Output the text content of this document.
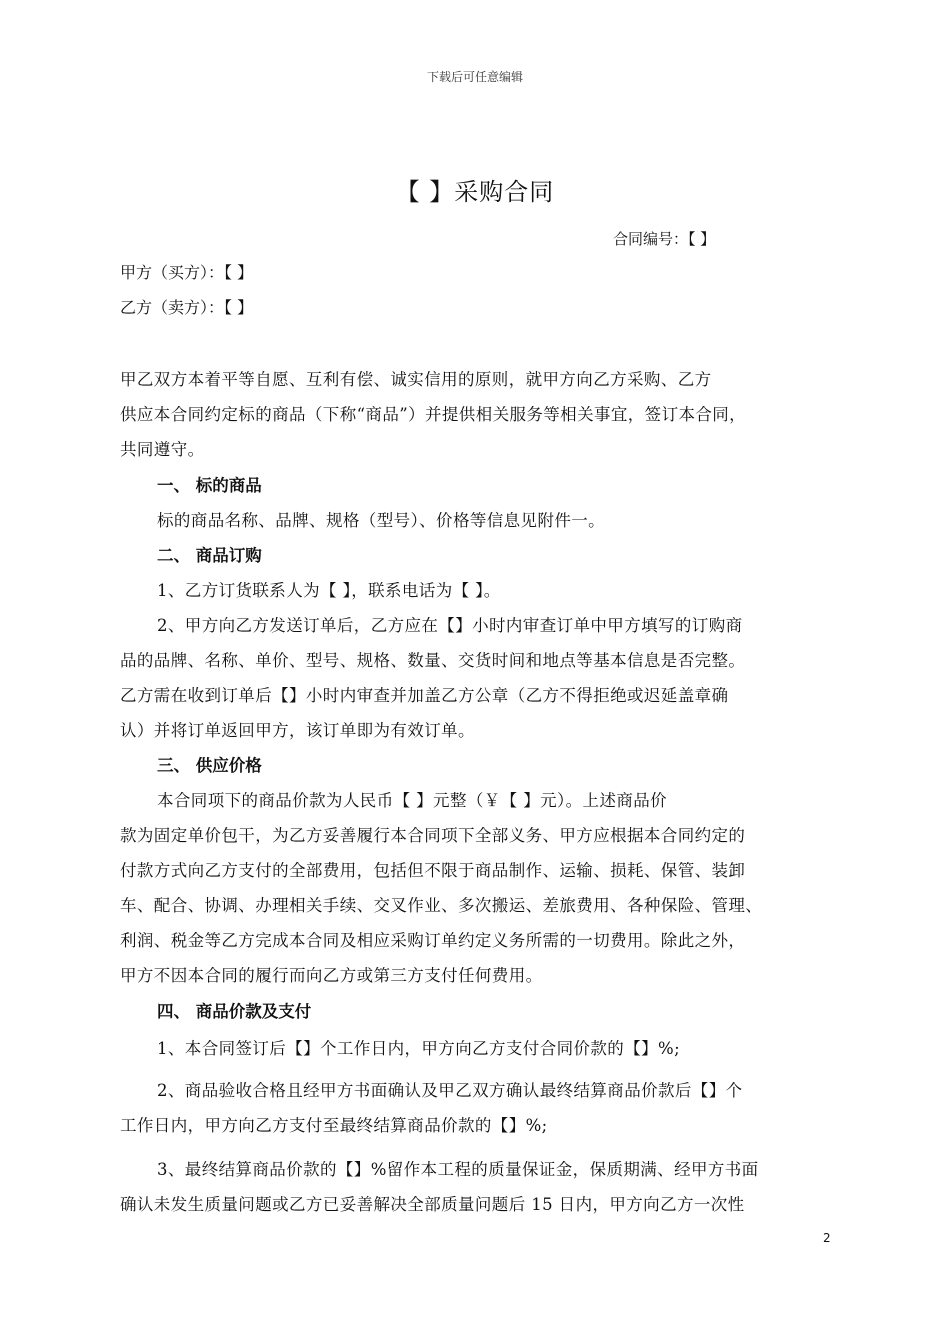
下载后可任意编辑
【 】采购合同
合同编号：【 】
甲方（买方）：【 】
乙方（卖方）：【 】
甲乙双方本着平等自愿、互利有偿、诚实信用的原则，就甲方向乙方采购、乙方
供应本合同约定标的商品（下称“商品”）并提供相关服务等相关事宜，签订本合同，
共同遵守。
一、 标的商品
标的商品名称、品牌、规格（型号）、价格等信息见附件一。
二、 商品订购
1、乙方订货联系人为【 】，联系电话为【 】。
2、甲方向乙方发送订单后，乙方应在【】小时内审查订单中甲方填写的订购商
品的品牌、名称、单价、型号、规格、数量、交货时间和地点等基本信息是否完整。
乙方需在收到订单后【】小时内审查并加盖乙方公章（乙方不得拒绝或迟延盖章确
认）并将订单返回甲方，该订单即为有效订单。
三、 供应价格
本合同项下的商品价款为人民币【 】元整（￥【 】元）。上述商品价
款为固定单价包干，为乙方妥善履行本合同项下全部义务、甲方应根据本合同约定的
付款方式向乙方支付的全部费用，包括但不限于商品制作、运输、损耗、保管、装卸
车、配合、协调、办理相关手续、交叉作业、多次搬运、差旅费用、各种保险、管理、
利润、税金等乙方完成本合同及相应采购订单约定义务所需的一切费用。除此之外，
甲方不因本合同的履行而向乙方或第三方支付任何费用。
四、 商品价款及支付
1、本合同签订后【】个工作日内，甲方向乙方支付合同价款的【】%;
2、商品验收合格且经甲方书面确认及甲乙双方确认最终结算商品价款后【】个
工作日内，甲方向乙方支付至最终结算商品价款的【】%;
3、最终结算商品价款的【】%留作本工程的质量保证金，保质期满、经甲方书面
确认未发生质量问题或乙方已妥善解决全部质量问题后 15 日内，甲方向乙方一次性
2
